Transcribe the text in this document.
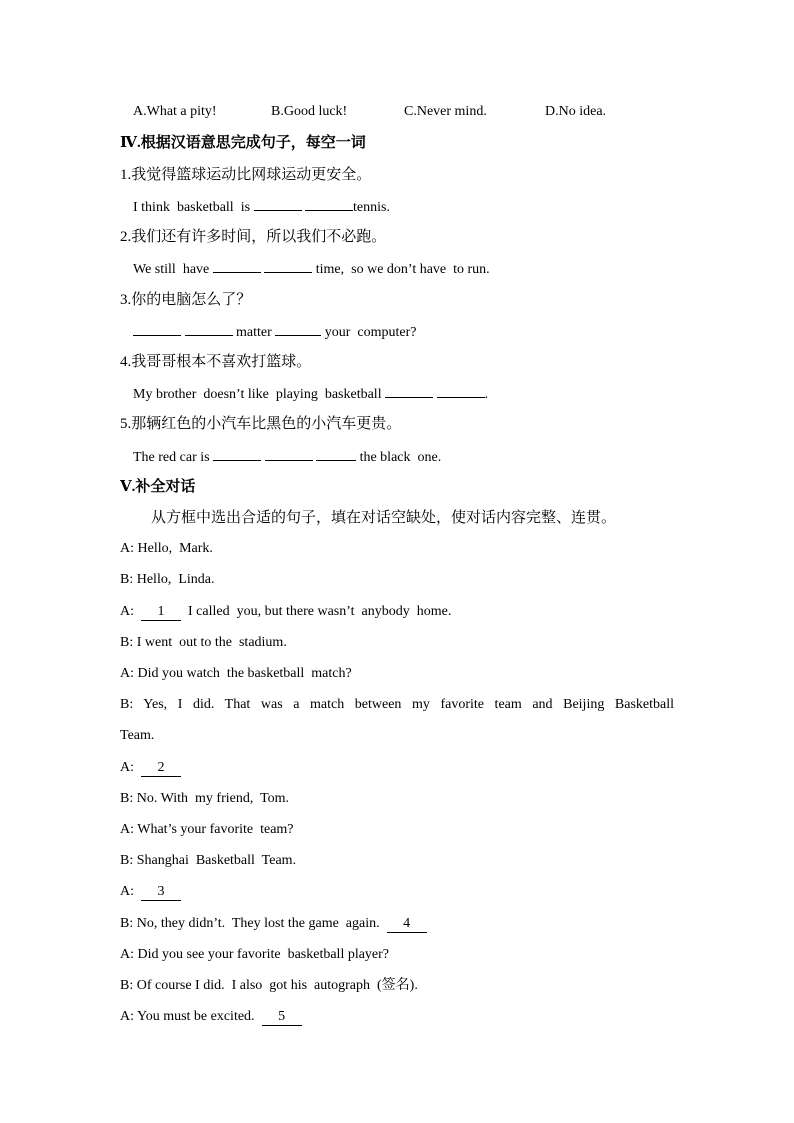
A.What a pity!	B.Good luck!	C.Never mind.	D.No idea.
Ⅳ.根据汉语意思完成句子，每空一词
1.我觉得篮球运动比网球运动更安全。
I think  basketball  is	tennis.
2.我们还有许多时间，所以我们不必跑。
We still  have	time,  so we don’t have  to run.
3.你的电脑怎么了？
matter	your  computer?
4.我哥哥根本不喜欢打篮球。
My brother  doesn’t like  playing  basketball	.
5.那辆红色的小汽车比黑色的小汽车更贵。
The red car is	the black  one.
Ⅴ.补全对话
从方框中选出合适的句子，填在对话空缺处，使对话内容完整、连贯。
A: Hello,  Mark.
B: Hello,  Linda.
A: 1 I called  you, but there wasn’t  anybody  home.
B: I went  out to the  stadium.
A: Did you watch  the basketball  match?
B: Yes, I did. That was a match between my favorite team and Beijing Basketball
Team.
A: 2
B: No. With  my friend,  Tom.
A: What’s your favorite  team?
B: Shanghai  Basketball  Team.
A: 3
B: No, they didn’t.  They lost the game  again. 4
A: Did you see your favorite  basketball player?
B: Of course I did.  I also  got his  autograph  (签名).
A: You must be excited. 5
